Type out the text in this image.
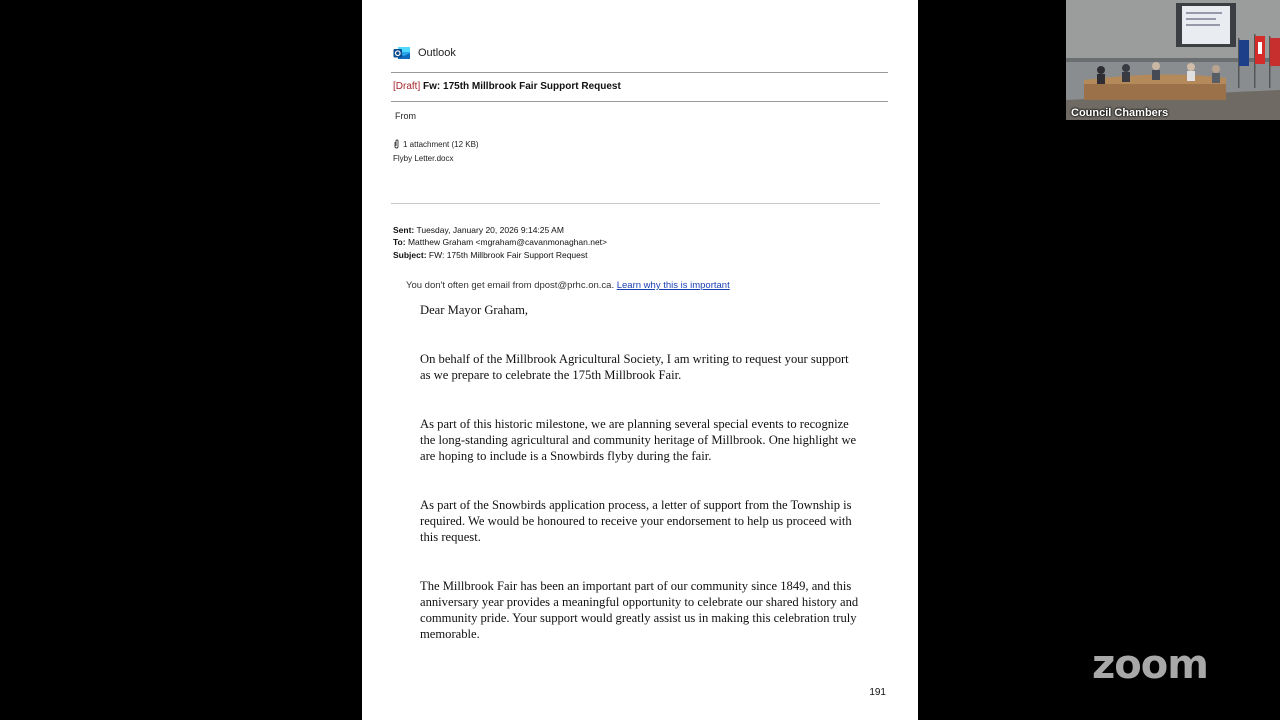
Outlook
[Draft] Fw: 175th Millbrook Fair Support Request
From
1 attachment (12 KB)
Flyby Letter.docx
Sent: Tuesday, January 20, 2026 9:14:25 AM
To: Matthew Graham <mgraham@cavanmonaghan.net>
Subject: FW: 175th Millbrook Fair Support Request
You don't often get email from dpost@prhc.on.ca. Learn why this is important

Dear Mayor Graham,

On behalf of the Millbrook Agricultural Society, I am writing to request your support as we prepare to celebrate the 175th Millbrook Fair.

As part of this historic milestone, we are planning several special events to recognize the long-standing agricultural and community heritage of Millbrook. One highlight we are hoping to include is a Snowbirds flyby during the fair.

As part of the Snowbirds application process, a letter of support from the Township is required. We would be honoured to receive your endorsement to help us proceed with this request.

The Millbrook Fair has been an important part of our community since 1849, and this anniversary year provides a meaningful opportunity to celebrate our shared history and community pride. Your support would greatly assist us in making this celebration truly memorable.

191
Council Chambers
zoom
